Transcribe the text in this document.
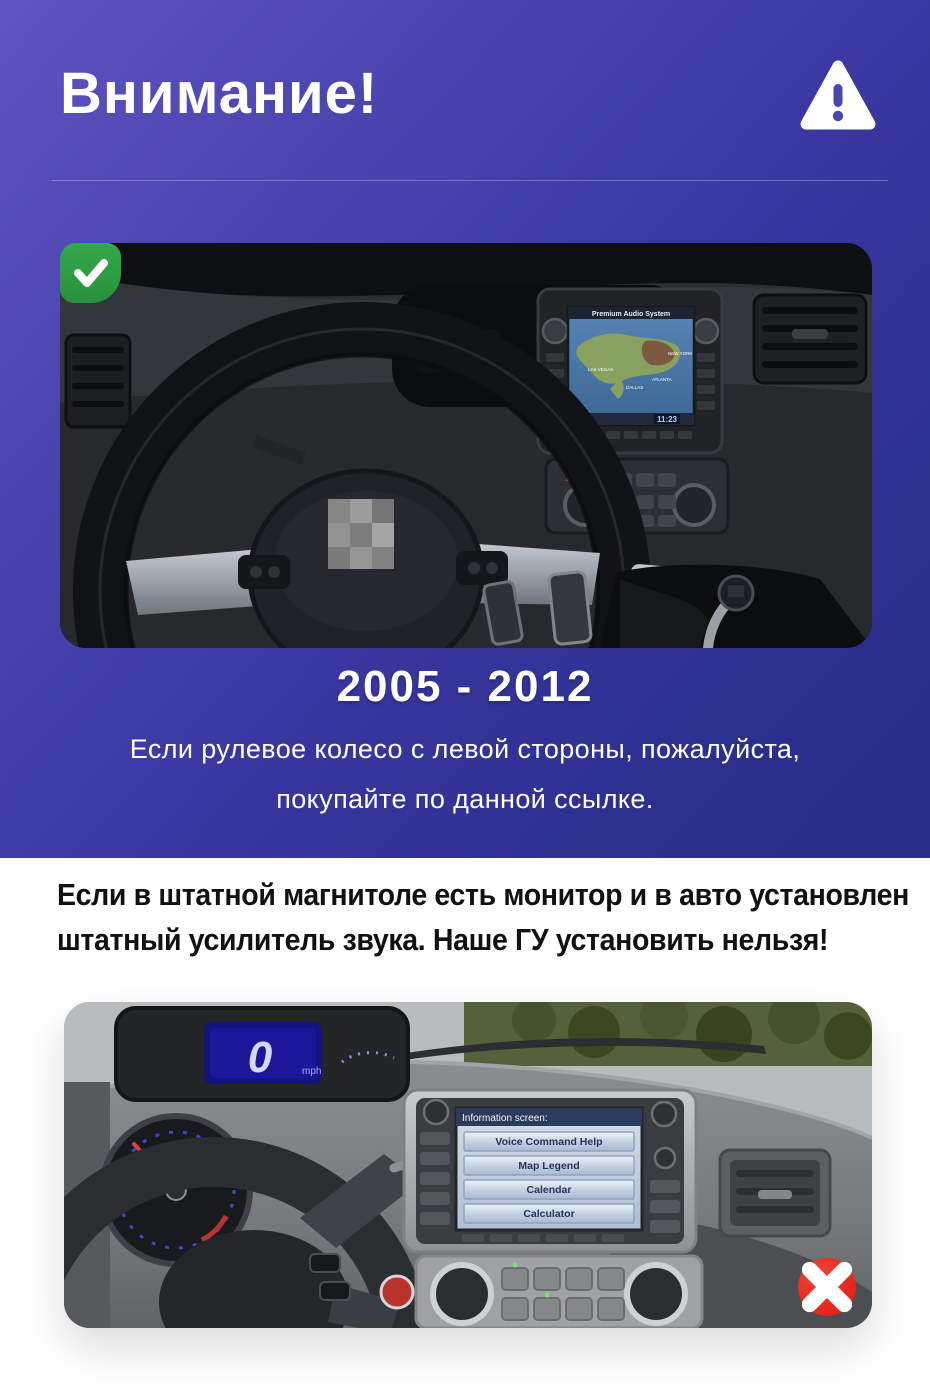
Внимание!
Premium Audio System
LAS VEGAS
DALLAS
ATLANTA
NEW YORK
11:23
2005 - 2012
Если рулевое колесо с левой стороны, пожалуйста,
покупайте по данной ссылке.
Если в штатной магнитоле есть монитор и в авто установлен
штатный усилитель звука. Наше ГУ установить нельзя!
0	mph
Information screen:
Voice Command Help
Map Legend
Calendar
Calculator
